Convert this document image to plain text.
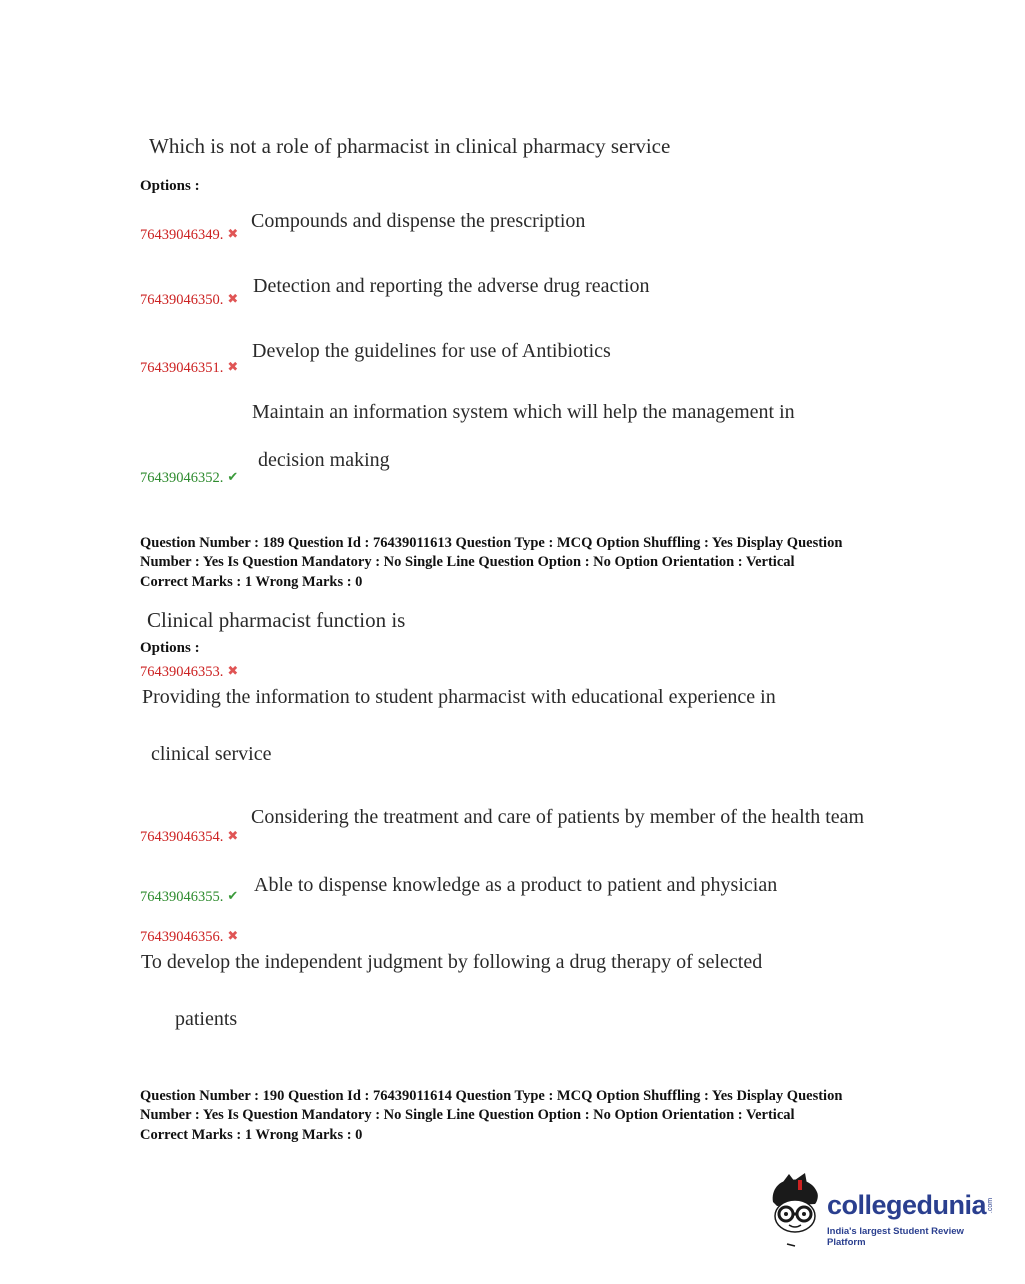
Which is not a role of pharmacist in clinical pharmacy service
Options :
Compounds and dispense the prescription
76439046349. ✖
Detection and reporting the adverse drug reaction
76439046350. ✖
Develop the guidelines for use of Antibiotics
76439046351. ✖
Maintain an information system which will help the management in
decision making
76439046352. ✔
Question Number : 189 Question Id : 76439011613 Question Type : MCQ Option Shuffling : Yes Display Question
Number : Yes Is Question Mandatory : No Single Line Question Option : No Option Orientation : Vertical
Correct Marks : 1 Wrong Marks : 0
Clinical pharmacist function is
Options :
76439046353. ✖
Providing the information to student pharmacist with educational experience in
clinical service
Considering the treatment and care of patients by member of the health team
76439046354. ✖
Able to dispense knowledge as a product to patient and physician
76439046355. ✔
76439046356. ✖
To develop the independent judgment by following a drug therapy of selected
patients
Question Number : 190 Question Id : 76439011614 Question Type : MCQ Option Shuffling : Yes Display Question
Number : Yes Is Question Mandatory : No Single Line Question Option : No Option Orientation : Vertical
Correct Marks : 1 Wrong Marks : 0
collegedunia .com
India's largest Student Review Platform
